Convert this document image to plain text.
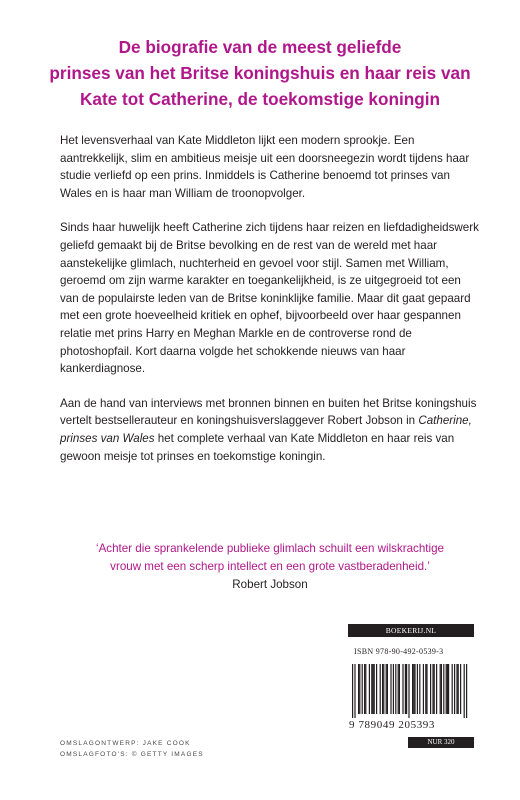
De biografie van de meest geliefde
prinses van het Britse koningshuis en haar reis van
Kate tot Catherine, de toekomstige koningin

Het levensverhaal van Kate Middleton lijkt een modern sprookje. Een aantrekkelijk, slim en ambitieus meisje uit een doorsneegezin wordt tijdens haar studie verliefd op een prins. Inmiddels is Catherine benoemd tot prinses van Wales en is haar man William de troonopvolger.

Sinds haar huwelijk heeft Catherine zich tijdens haar reizen en liefdadigheidswerk geliefd gemaakt bij de Britse bevolking en de rest van de wereld met haar aanstekelijke glimlach, nuchterheid en gevoel voor stijl. Samen met William, geroemd om zijn warme karakter en toegankelijkheid, is ze uitgegroeid tot een van de populairste leden van de Britse koninklijke familie. Maar dit gaat gepaard met een grote hoeveelheid kritiek en ophef, bijvoorbeeld over haar gespannen relatie met prins Harry en Meghan Markle en de controverse rond de photoshopfail. Kort daarna volgde het schokkende nieuws van haar kankerdiagnose.

Aan de hand van interviews met bronnen binnen en buiten het Britse koningshuis vertelt bestsellerauteur en koningshuisverslaggever Robert Jobson in Catherine, prinses van Wales het complete verhaal van Kate Middleton en haar reis van gewoon meisje tot prinses en toekomstige koningin.

‘Achter die sprankelende publieke glimlach schuilt een wilskrachtige
vrouw met een scherp intellect en een grote vastberadenheid.’
Robert Jobson
BOEKERIJ.NL
ISBN 978-90-492-0539-3
9 789049 205393
NUR 320
OMSLAGONTWERP: JAKE COOK
OMSLAGFOTO'S: © GETTY IMAGES
